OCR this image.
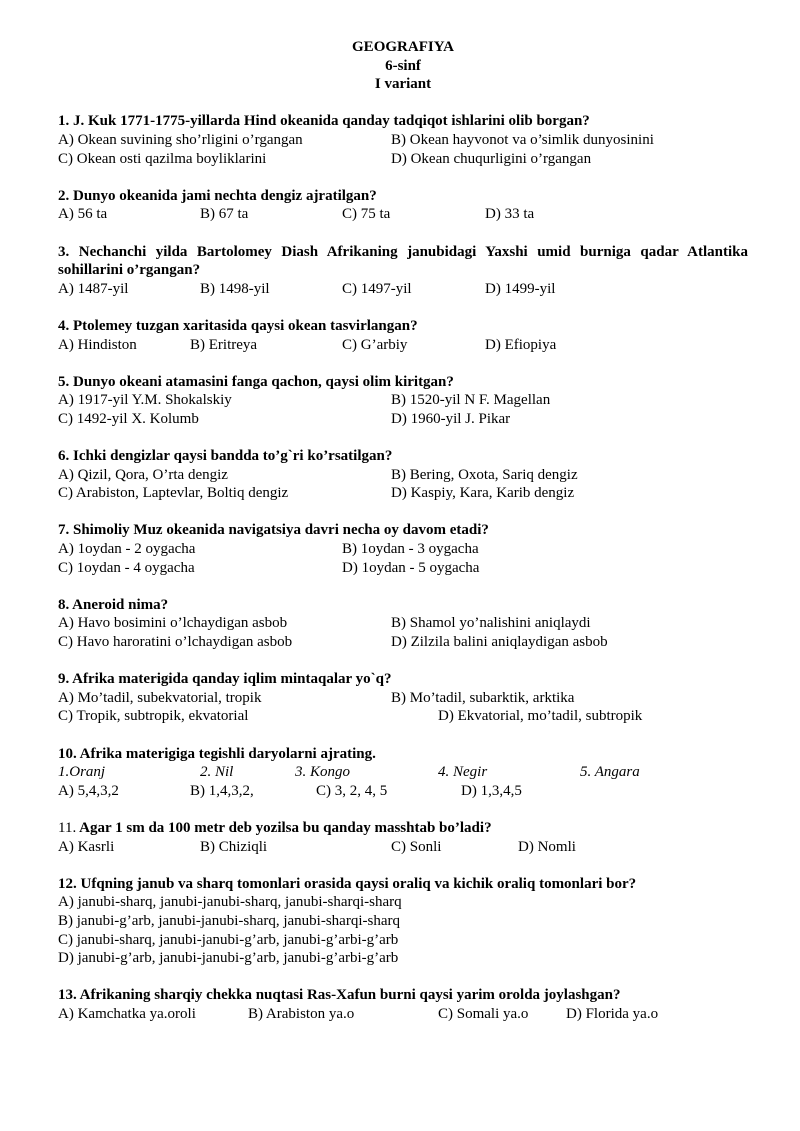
GEOGRAFIYA
6-sinf
I variant
1. J. Kuk 1771-1775-yillarda Hind okeanida qanday tadqiqot ishlarini olib borgan?
A) Okean suvining sho’rligini o’rgangan	B) Okean hayvonot va o’simlik dunyosinini
C) Okean osti qazilma boyliklarini	D) Okean chuqurligini o’rgangan
2. Dunyo okeanida jami nechta dengiz ajratilgan?
A) 56 ta	B) 67 ta	C) 75 ta	D) 33 ta
3. Nechanchi yilda Bartolomey Diash Afrikaning janubidagi Yaxshi umid burniga qadar Atlantika sohillarini o’rgangan?
A) 1487-yil	B) 1498-yil	C) 1497-yil	D) 1499-yil
4. Ptolemey tuzgan xaritasida qaysi okean tasvirlangan?
A) Hindiston	B) Eritreya	C) G’arbiy	D) Efiopiya
5. Dunyo okeani atamasini fanga qachon, qaysi olim kiritgan?
A) 1917-yil Y.M. Shokalskiy	B) 1520-yil N F. Magellan
C) 1492-yil X. Kolumb	D) 1960-yil J. Pikar
6. Ichki dengizlar qaysi bandda to’g`ri ko’rsatilgan?
A) Qizil, Qora, O’rta dengiz	B) Bering, Oxota, Sariq dengiz
C) Arabiston, Laptevlar, Boltiq dengiz	D) Kaspiy, Kara, Karib dengiz
7. Shimoliy Muz okeanida navigatsiya davri necha oy davom etadi?
A) 1oydan - 2 oygacha	B) 1oydan - 3 oygacha
C) 1oydan - 4 oygacha	D) 1oydan - 5 oygacha
8. Aneroid nima?
A) Havo bosimini o’lchaydigan asbob	B) Shamol yo’nalishini aniqlaydi
C) Havo haroratini o’lchaydigan asbob	D) Zilzila balini aniqlaydigan asbob
9. Afrika materigida qanday iqlim mintaqalar yo`q?
A) Mo’tadil, subekvatorial, tropik	B) Mo’tadil, subarktik, arktika
C) Tropik, subtropik, ekvatorial	D) Ekvatorial, mo’tadil, subtropik
10. Afrika materigiga tegishli daryolarni ajrating.
1.Oranj	2. Nil	3. Kongo	4. Negir	5. Angara
A) 5,4,3,2	B) 1,4,3,2,	C) 3, 2, 4, 5	D) 1,3,4,5
11. Agar 1 sm da 100 metr deb yozilsa bu qanday masshtab bo’ladi?
A) Kasrli	B) Chiziqli	C) Sonli	D) Nomli
12. Ufqning janub va sharq tomonlari orasida qaysi oraliq va kichik oraliq tomonlari bor?
A) janubi-sharq, janubi-janubi-sharq, janubi-sharqi-sharq
B) janubi-g’arb, janubi-janubi-sharq, janubi-sharqi-sharq
C) janubi-sharq, janubi-janubi-g’arb, janubi-g’arbi-g’arb
D) janubi-g’arb, janubi-janubi-g’arb, janubi-g’arbi-g’arb
13. Afrikaning sharqiy chekka nuqtasi Ras-Xafun burni qaysi yarim orolda joylashgan?
A) Kamchatka ya.oroli	B) Arabiston ya.o	C) Somali ya.o	D) Florida ya.o
